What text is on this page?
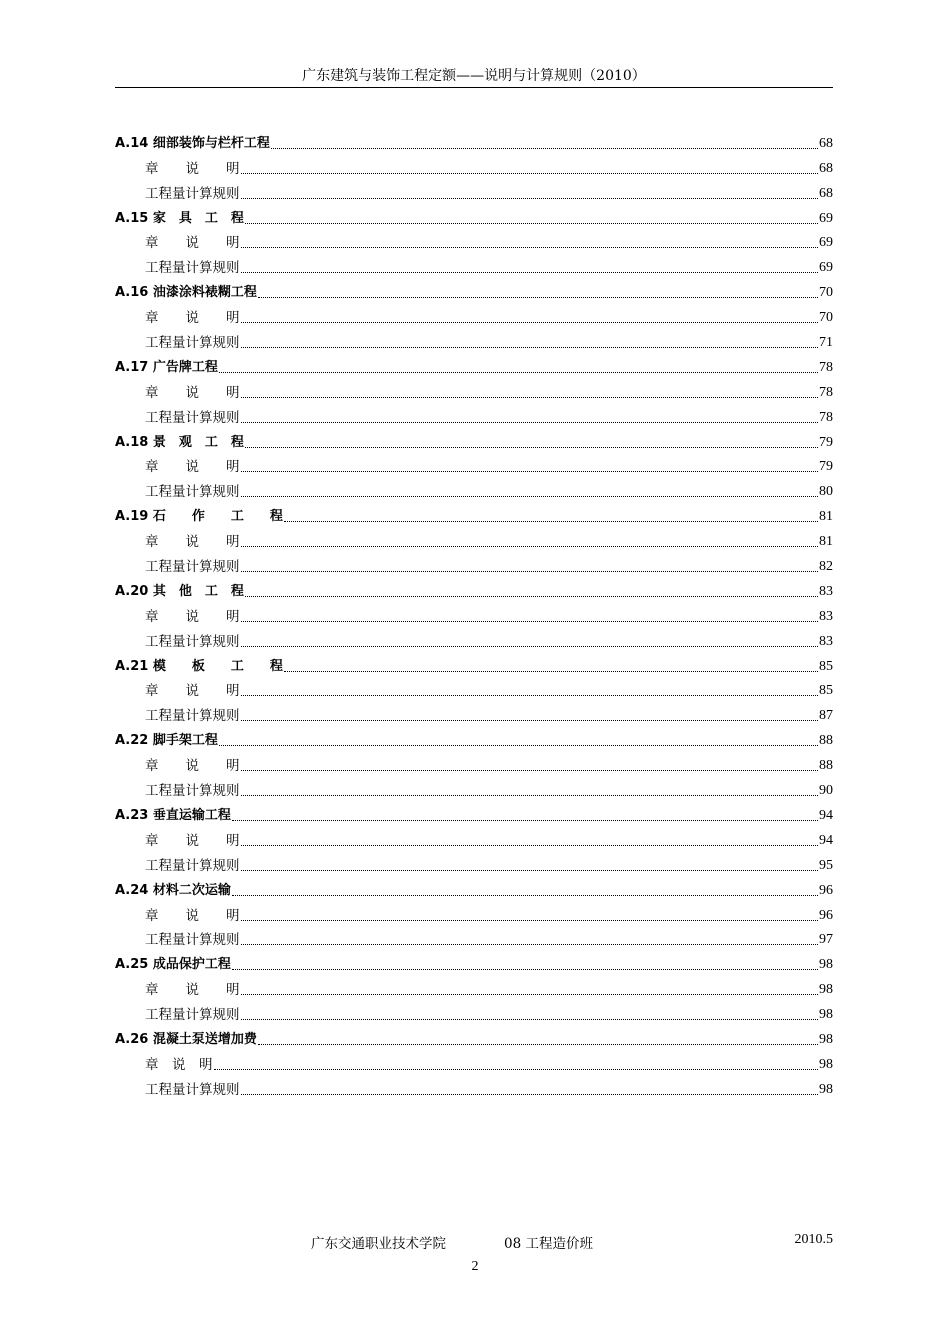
广东建筑与装饰工程定额——说明与计算规则（2010）
A.14 细部装饰与栏杆工程	68
章　　说　　明	68
工程量计算规则	68
A.15 家　具　工　程	69
章　　说　　明	69
工程量计算规则	69
A.16 油漆涂料裱糊工程	70
章　　说　　明	70
工程量计算规则	71
A.17 广告牌工程	78
章　　说　　明	78
工程量计算规则	78
A.18 景　观　工　程	79
章　　说　　明	79
工程量计算规则	80
A.19 石　　作　　工　　程	81
章　　说　　明	81
工程量计算规则	82
A.20 其　他　工　程	83
章　　说　　明	83
工程量计算规则	83
A.21 模　　板　　工　　程	85
章　　说　　明	85
工程量计算规则	87
A.22 脚手架工程	88
章　　说　　明	88
工程量计算规则	90
A.23 垂直运输工程	94
章　　说　　明	94
工程量计算规则	95
A.24 材料二次运输	96
章　　说　　明	96
工程量计算规则	97
A.25 成品保护工程	98
章　　说　　明	98
工程量计算规则	98
A.26 混凝土泵送增加费	98
章　说　明	98
工程量计算规则	98
广东交通职业技术学院	08 工程造价班	2010.5
2
